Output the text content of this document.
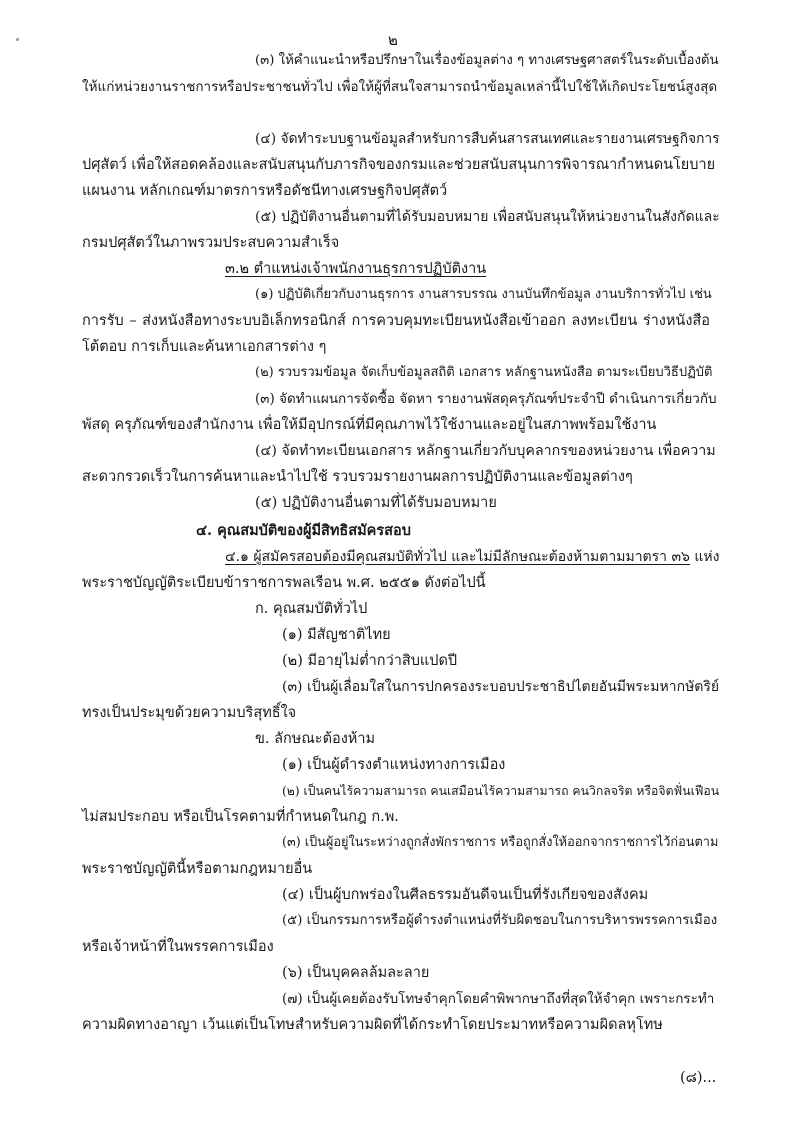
๒
(๓) ให้คำแนะนำหรือปรึกษาในเรื่องข้อมูลต่าง ๆ ทางเศรษฐศาสตร์ในระดับเบื้องต้น
ให้แก่หน่วยงานราชการหรือประชาชนทั่วไป เพื่อให้ผู้ที่สนใจสามารถนำข้อมูลเหล่านี้ไปใช้ให้เกิดประโยชน์สูงสุด
(๔) จัดทำระบบฐานข้อมูลสำหรับการสืบค้นสารสนเทศและรายงานเศรษฐกิจการ
ปศุสัตว์ เพื่อให้สอดคล้องและสนับสนุนกับภารกิจของกรมและช่วยสนับสนุนการพิจารณากำหนดนโยบาย
แผนงาน หลักเกณฑ์มาตรการหรือดัชนีทางเศรษฐกิจปศุสัตว์
(๕) ปฏิบัติงานอื่นตามที่ได้รับมอบหมาย เพื่อสนับสนุนให้หน่วยงานในสังกัดและ
กรมปศุสัตว์ในภาพรวมประสบความสำเร็จ
๓.๒ ตำแหน่งเจ้าพนักงานธุรการปฏิบัติงาน
(๑) ปฏิบัติเกี่ยวกับงานธุรการ งานสารบรรณ งานบันทึกข้อมูล งานบริการทั่วไป เช่น
การรับ – ส่งหนังสือทางระบบอิเล็กทรอนิกส์ การควบคุมทะเบียนหนังสือเข้าออก ลงทะเบียน ร่างหนังสือ
โต้ตอบ การเก็บและค้นหาเอกสารต่าง ๆ
(๒) รวบรวมข้อมูล จัดเก็บข้อมูลสถิติ เอกสาร หลักฐานหนังสือ ตามระเบียบวิธีปฏิบัติ
(๓) จัดทำแผนการจัดซื้อ จัดหา รายงานพัสดุครุภัณฑ์ประจำปี ดำเนินการเกี่ยวกับ
พัสดุ ครุภัณฑ์ของสำนักงาน เพื่อให้มีอุปกรณ์ที่มีคุณภาพไว้ใช้งานและอยู่ในสภาพพร้อมใช้งาน
(๔) จัดทำทะเบียนเอกสาร หลักฐานเกี่ยวกับบุคลากรของหน่วยงาน เพื่อความ
สะดวกรวดเร็วในการค้นหาและนำไปใช้ รวบรวมรายงานผลการปฏิบัติงานและข้อมูลต่างๆ
(๕) ปฏิบัติงานอื่นตามที่ได้รับมอบหมาย
๔. คุณสมบัติของผู้มีสิทธิสมัครสอบ
๔.๑ ผู้สมัครสอบต้องมีคุณสมบัติทั่วไป และไม่มีลักษณะต้องห้ามตามมาตรา ๓๖ แห่ง
พระราชบัญญัติระเบียบข้าราชการพลเรือน พ.ศ. ๒๕๕๑ ดังต่อไปนี้
ก. คุณสมบัติทั่วไป
(๑) มีสัญชาติไทย
(๒) มีอายุไม่ต่ำกว่าสิบแปดปี
(๓) เป็นผู้เลื่อมใสในการปกครองระบอบประชาธิปไตยอันมีพระมหากษัตริย์
ทรงเป็นประมุขด้วยความบริสุทธิ์ใจ
ข. ลักษณะต้องห้าม
(๑) เป็นผู้ดำรงตำแหน่งทางการเมือง
(๒) เป็นคนไร้ความสามารถ คนเสมือนไร้ความสามารถ คนวิกลจริต หรือจิตฟั่นเฟือน
ไม่สมประกอบ หรือเป็นโรคตามที่กำหนดในกฎ ก.พ.
(๓) เป็นผู้อยู่ในระหว่างถูกสั่งพักราชการ หรือถูกสั่งให้ออกจากราชการไว้ก่อนตาม
พระราชบัญญัตินี้หรือตามกฎหมายอื่น
(๔) เป็นผู้บกพร่องในศีลธรรมอันดีจนเป็นที่รังเกียจของสังคม
(๕) เป็นกรรมการหรือผู้ดำรงตำแหน่งที่รับผิดชอบในการบริหารพรรคการเมือง
หรือเจ้าหน้าที่ในพรรคการเมือง
(๖) เป็นบุคคลล้มละลาย
(๗) เป็นผู้เคยต้องรับโทษจำคุกโดยคำพิพากษาถึงที่สุดให้จำคุก เพราะกระทำ
ความผิดทางอาญา เว้นแต่เป็นโทษสำหรับความผิดที่ได้กระทำโดยประมาทหรือความผิดลหุโทษ
(๘)...
